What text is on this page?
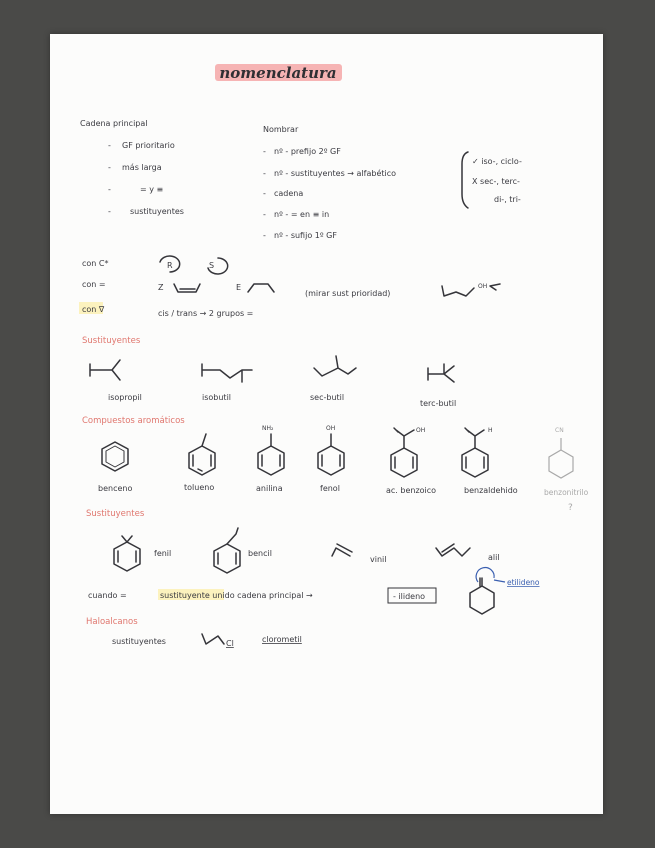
nomenclatura
Cadena principal
- GF prioritario
- más larga
-	= y ≡
- sustituyentes
Nombrar
- nº - prefijo 2º GF
- nº - sustituyentes → alfabético
- cadena
- nº - = en ≡ in
- nº - sufijo 1º GF
✓ iso-, ciclo-
X sec-, terc-
di-, tri-
con C*	R	S
con =	Z	E
(mirar sust prioridad)
OH
con ∇	cis / trans → 2 grupos =
Sustituyentes
isopropil	isobutil	sec-butil
terc-butil
Compuestos aromáticos
benceno	tolueno
NH₂
anilina
OH
fenol
OH
ac. benzoico
H
benzaldehido
CN
benzonitrilo
?
Sustituyentes
fenil	bencil
vinil	alil
cuando =	sustituyente unido cadena principal →	- ilideno
etilideno
Haloalcanos
sustituyentes	Cl	clorometil
